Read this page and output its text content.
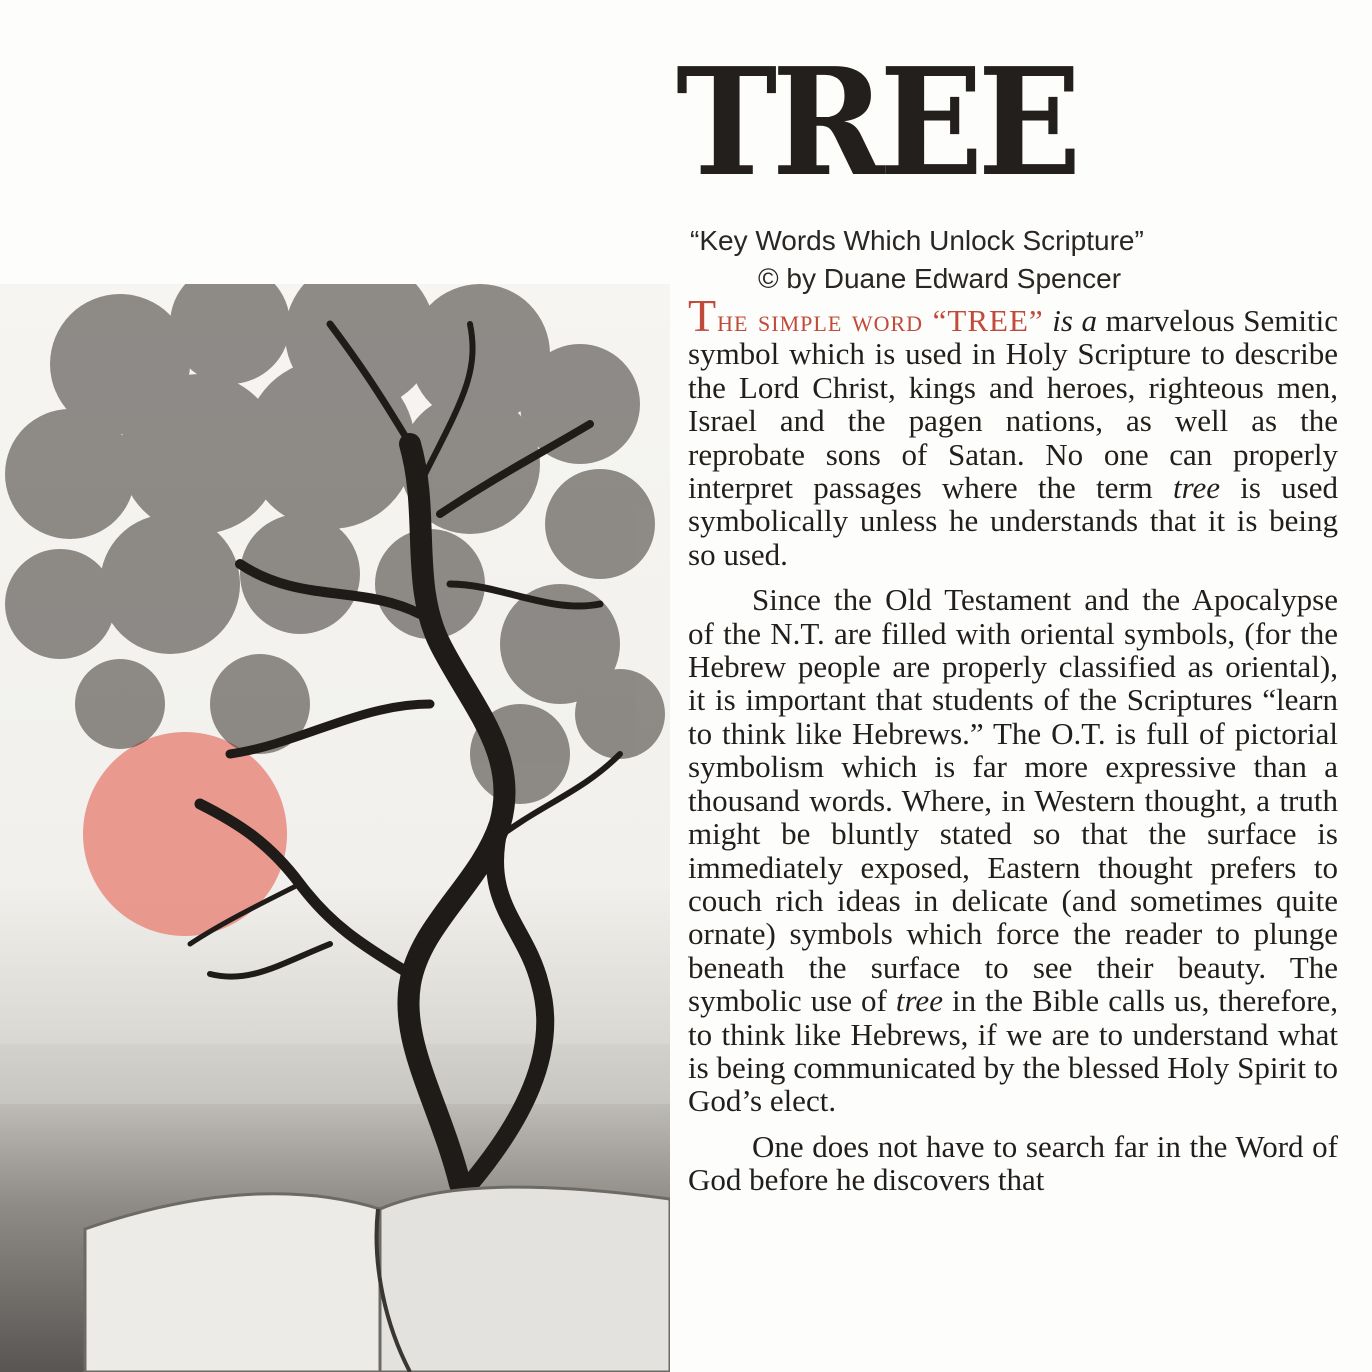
TREE
“Key Words Which Unlock Scripture”
© by Duane Edward Spencer

The simple word “TREE” is a marvelous Semitic symbol which is used in Holy Scripture to describe the Lord Christ, kings and heroes, righteous men, Israel and the pagen nations, as well as the reprobate sons of Satan. No one can properly interpret passages where the term tree is used symbolically unless he understands that it is being so used.

Since the Old Testament and the Apocalypse of the N.T. are filled with oriental symbols, (for the Hebrew people are properly classified as oriental), it is important that students of the Scriptures “learn to think like Hebrews.” The O.T. is full of pictorial symbolism which is far more expressive than a thousand words. Where, in Western thought, a truth might be bluntly stated so that the surface is immediately exposed, Eastern thought prefers to couch rich ideas in delicate (and sometimes quite ornate) symbols which force the reader to plunge beneath the surface to see their beauty. The symbolic use of tree in the Bible calls us, therefore, to think like Hebrews, if we are to understand what is being communicated by the blessed Holy Spirit to God’s elect.

One does not have to search far in the Word of God before he discovers that
